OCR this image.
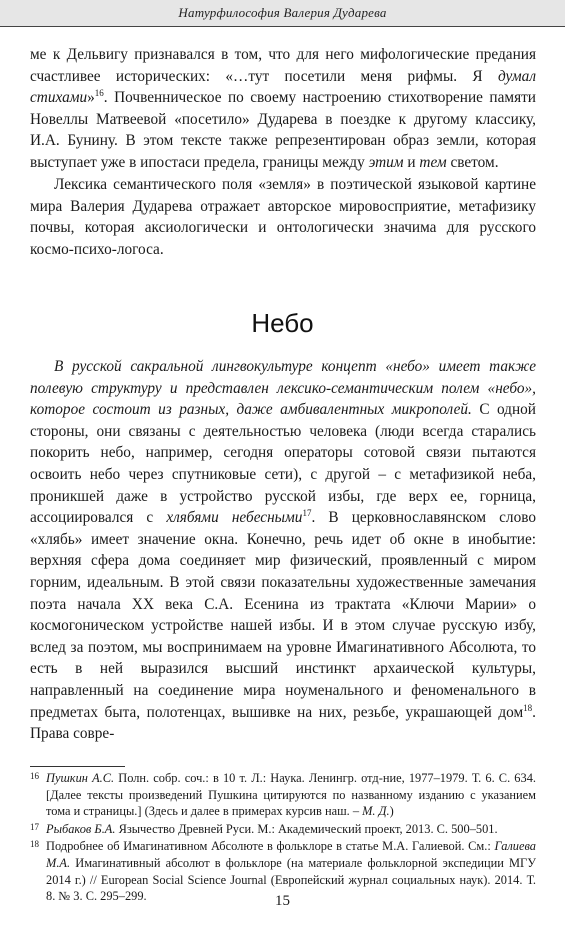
Натурфилософия Валерия Дударева

ме к Дельвигу признавался в том, что для него мифологические предания счастливее исторических: «…тут посетили меня рифмы. Я думал стихами»$^{16}$. Почвенническое по своему настроению стихотворение памяти Новеллы Матвеевой «посетило» Дударева в поездке к другому классику, И.А. Бунину. В этом тексте также репрезентирован образ земли, которая выступает уже в ипостаси предела, границы между этим и тем светом.

Лексика семантического поля «земля» в поэтической языковой картине мира Валерия Дударева отражает авторское мировосприятие, метафизику почвы, которая аксиологически и онтологически значима для русского космо-психо-логоса.

Небо

В русской сакральной лингвокультуре концепт «небо» имеет также полевую структуру и представлен лексико-семантическим полем «небо», которое состоит из разных, даже амбивалентных микрополей. С одной стороны, они связаны с деятельностью человека (люди всегда старались покорить небо, например, сегодня операторы сотовой связи пытаются освоить небо через спутниковые сети), с другой – с метафизикой неба, проникшей даже в устройство русской избы, где верх ее, горница, ассоциировался с хлябями небесными$^{17}$. В церковнославянском слово «хлябь» имеет значение окна. Конечно, речь идет об окне в инобытие: верхняя сфера дома соединяет мир физический, проявленный с миром горним, идеальным. В этой связи показательны художественные замечания поэта начала XX века С.А. Есенина из трактата «Ключи Марии» о космогоническом устройстве нашей избы. И в этом случае русскую избу, вслед за поэтом, мы воспринимаем на уровне Имагинативного Абсолюта, то есть в ней выразился высший инстинкт архаической культуры, направленный на соединение мира ноуменального и феноменального в предметах быта, полотенцах, вышивке на них, резьбе, украшающей дом$^{18}$. Права совре-

16 Пушкин А.С. Полн. собр. соч.: в 10 т. Л.: Наука. Ленингр. отд-ние, 1977–1979. Т. 6. С. 634. [Далее тексты произведений Пушкина цитируются по названному изданию с указанием тома и страницы.] (Здесь и далее в примерах курсив наш. – М. Д.)
17 Рыбаков Б.А. Язычество Древней Руси. М.: Академический проект, 2013. С. 500–501.
18 Подробнее об Имагинативном Абсолюте в фольклоре в статье М.А. Галиевой. См.: Галиева М.А. Имагинативный абсолют в фольклоре (на материале фольклорной экспедиции МГУ 2014 г.) // European Social Science Journal (Европейский журнал социальных наук). 2014. Т. 8. № 3. С. 295–299.	15
